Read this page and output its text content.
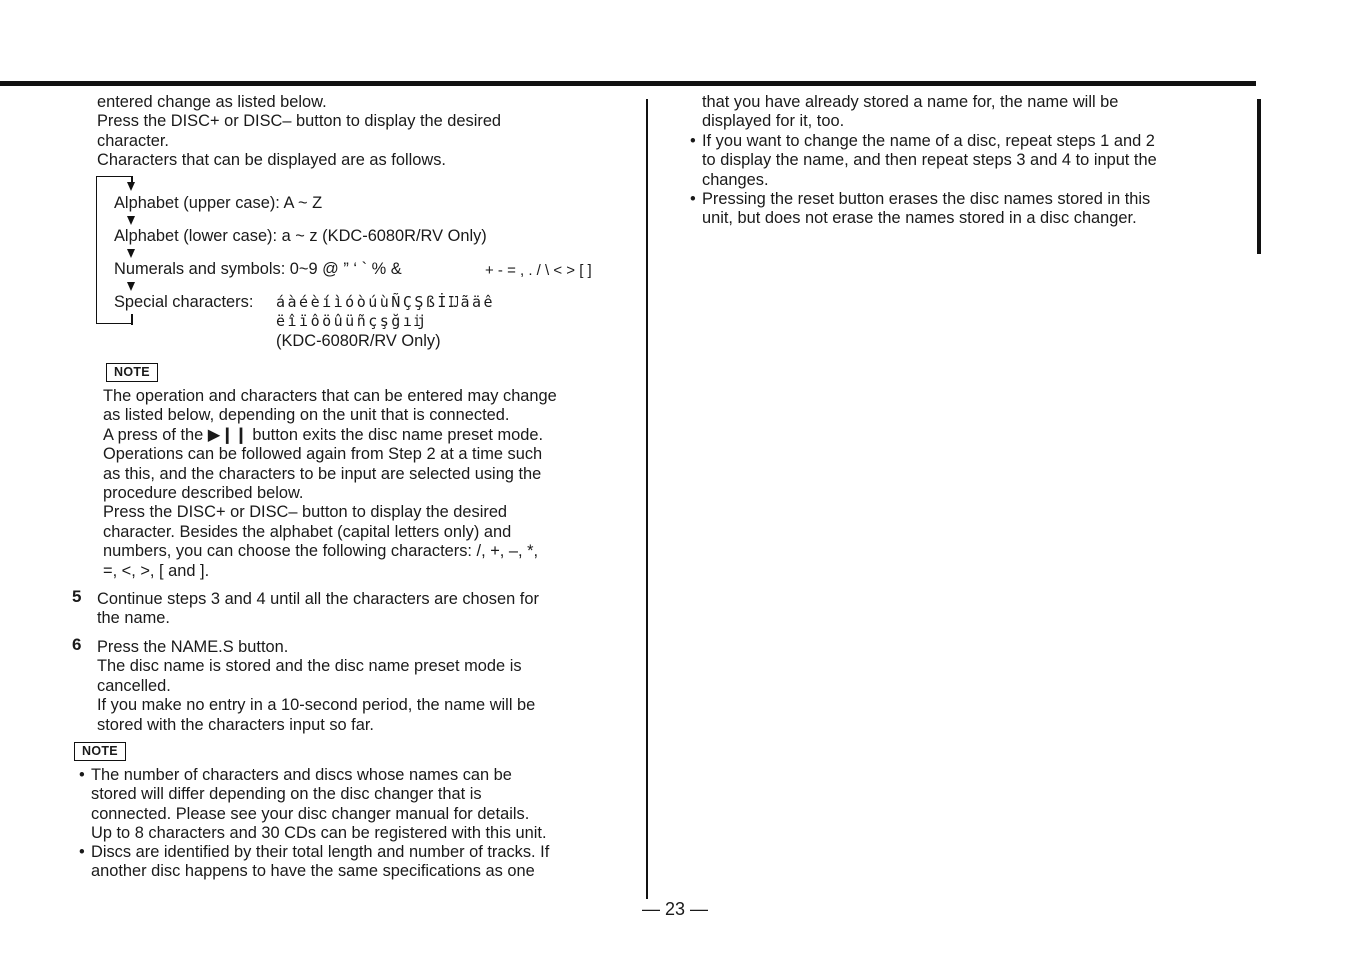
entered change as listed below.
Press the DISC+ or DISC– button to display the desired
character.
Characters that can be displayed are as follows.
Alphabet (upper case): A ~ Z
Alphabet (lower case): a ~ z (KDC-6080R/RV Only)
Numerals and symbols: 0~9 @ ” ‘ ` % &	+ - = , . / \ < > [ ]
Special characters: áàéèíìóòúùÑÇŞßİĲãäê
ëîïôöûüñçşğıĳ
(KDC-6080R/RV Only)
NOTE
The operation and characters that can be entered may change
as listed below, depending on the unit that is connected.
A press of the ▶❙❙ button exits the disc name preset mode.
Operations can be followed again from Step 2 at a time such
as this, and the characters to be input are selected using the
procedure described below.
Press the DISC+ or DISC– button to display the desired
character. Besides the alphabet (capital letters only) and
numbers, you can choose the following characters: /, +, –, *,
=, <, >, [ and ].
5 Continue steps 3 and 4 until all the characters are chosen for
the name.
6 Press the NAME.S button.
The disc name is stored and the disc name preset mode is
cancelled.
If you make no entry in a 10-second period, the name will be
stored with the characters input so far.
NOTE
• The number of characters and discs whose names can be
stored will differ depending on the disc changer that is
connected. Please see your disc changer manual for details.
Up to 8 characters and 30 CDs can be registered with this unit.
• Discs are identified by their total length and number of tracks. If
another disc happens to have the same specifications as one
that you have already stored a name for, the name will be
displayed for it, too.
• If you want to change the name of a disc, repeat steps 1 and 2
to display the name, and then repeat steps 3 and 4 to input the
changes.
• Pressing the reset button erases the disc names stored in this
unit, but does not erase the names stored in a disc changer.
— 23 —
